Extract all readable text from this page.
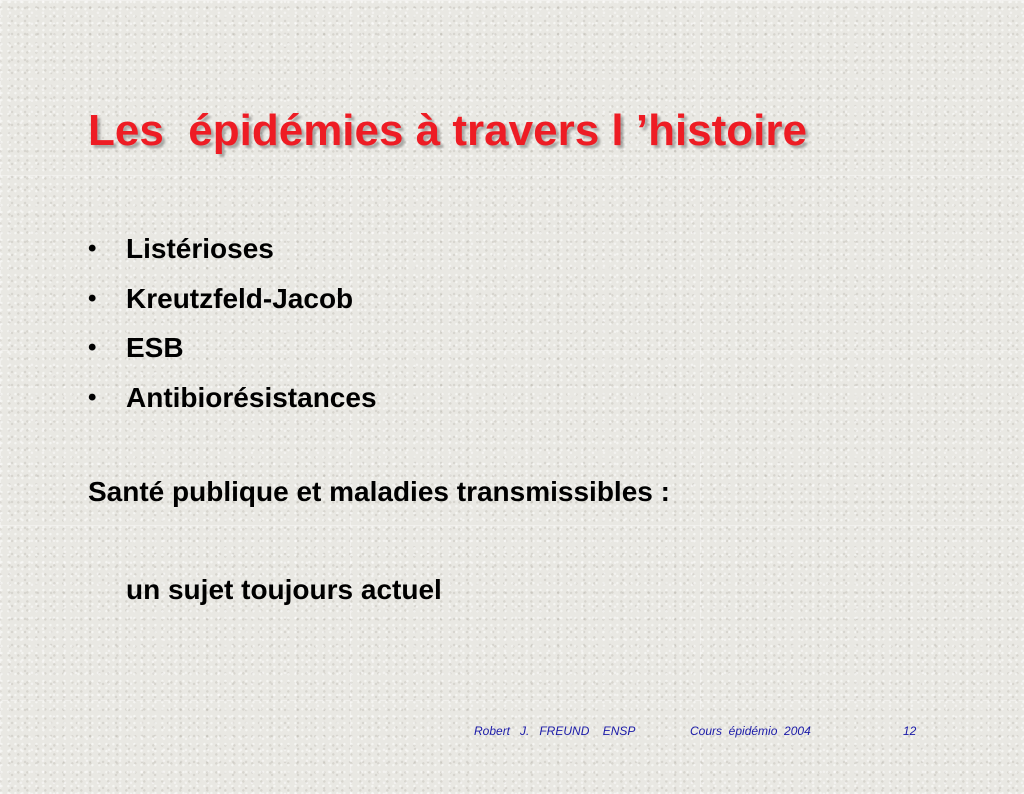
Les  épidémies à travers l ’histoire
• Listérioses
• Kreutzfeld-Jacob
• ESB
• Antibiorésistances
Santé publique et maladies transmissibles :
un sujet toujours actuel

Robert   J.   FREUND    ENSP

	Cours  épidémio  2004

	12
